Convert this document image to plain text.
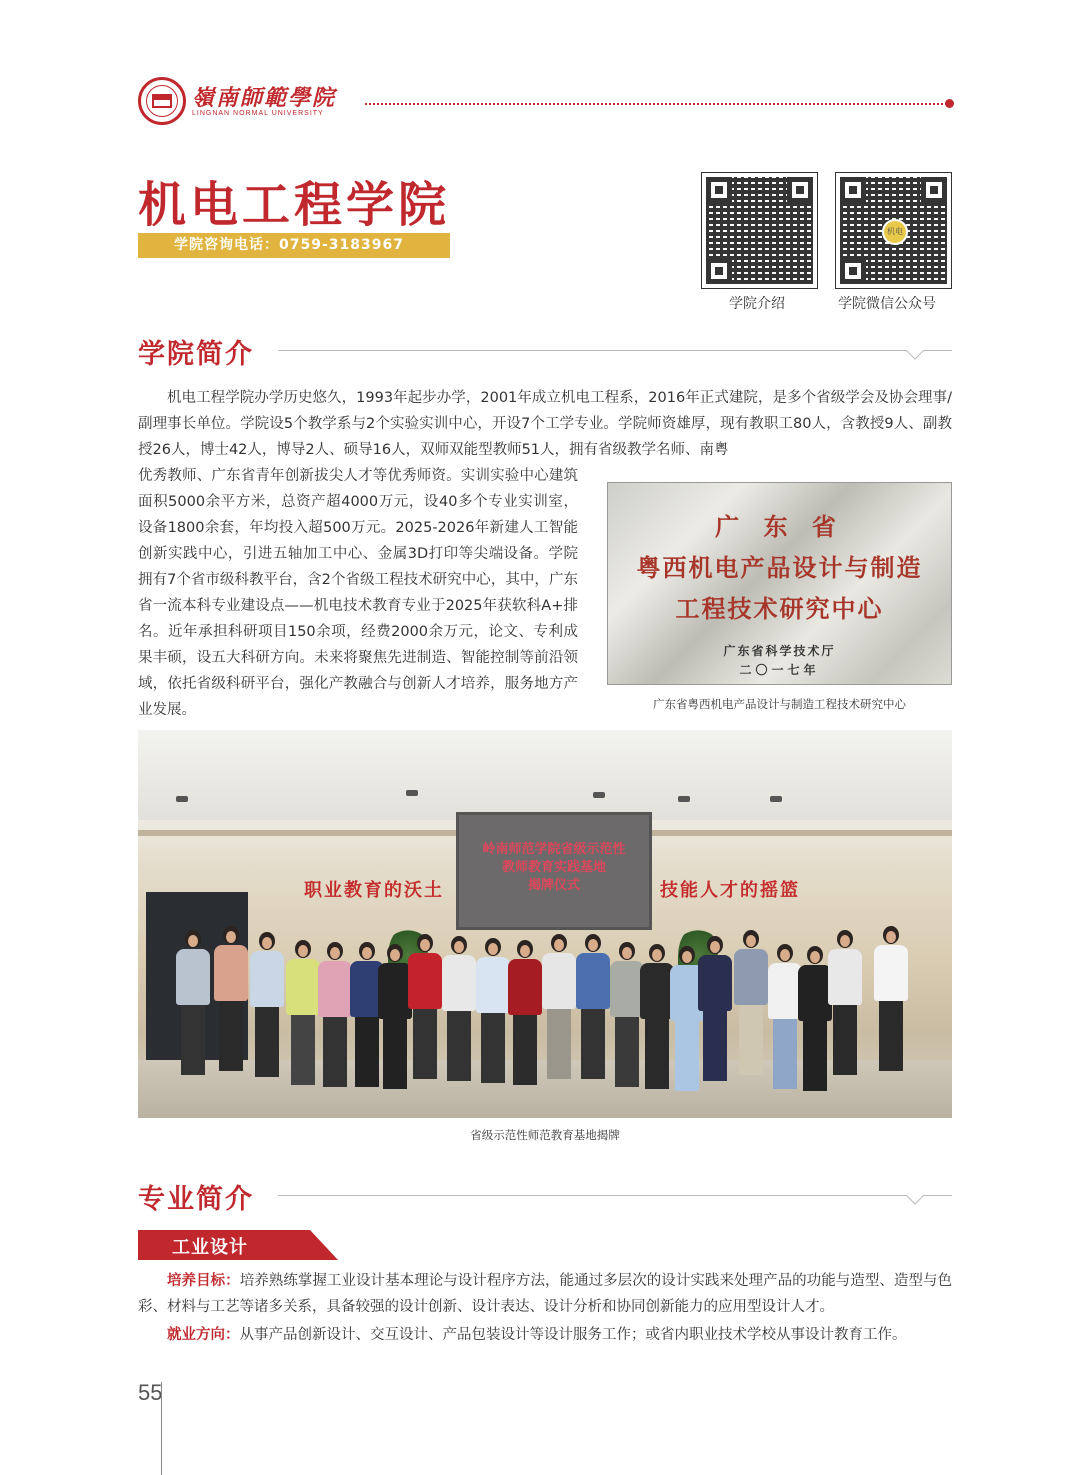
嶺南師範學院
LINGNAN NORMAL UNIVERSITY
机电工程学院
学院咨询电话：0759-3183967
学院介绍
机电
学院微信公众号
学院简介
机电工程学院办学历史悠久，1993年起步办学，2001年成立机电工程系，2016年正式建院，是多个省级学会及协会理事/副理事长单位。学院设5个教学系与2个实验实训中心，开设7个工学专业。学院师资雄厚，现有教职工80人，含教授9人、副教授26人，博士42人，博导2人、硕导16人，双师双能型教师51人，拥有省级教学名师、南粤
优秀教师、广东省青年创新拔尖人才等优秀师资。实训实验中心建筑面积5000余平方米，总资产超4000万元，设40多个专业实训室，设备1800余套，年均投入超500万元。2025-2026年新建人工智能创新实践中心，引进五轴加工中心、金属3D打印等尖端设备。学院拥有7个省市级科教平台，含2个省级工程技术研究中心，其中，广东省一流本科专业建设点——机电技术教育专业于2025年获软科A+排名。近年承担科研项目150余项，经费2000余万元，论文、专利成果丰硕，设五大科研方向。未来将聚焦先进制造、智能控制等前沿领域，依托省级科研平台，强化产教融合与创新人才培养，服务地方产业发展。
广 东 省
粤西机电产品设计与制造
工程技术研究中心
广东省科学技术厅
二〇一七年
广东省粤西机电产品设计与制造工程技术研究中心
岭南师范学院省级示范性
教师教育实践基地
揭牌仪式
职业教育的沃土	技能人才的摇篮
省级示范性师范教育基地揭牌
专业简介
工业设计
培养目标：培养熟练掌握工业设计基本理论与设计程序方法，能通过多层次的设计实践来处理产品的功能与造型、造型与色彩、材料与工艺等诸多关系，具备较强的设计创新、设计表达、设计分析和协同创新能力的应用型设计人才。
就业方向：从事产品创新设计、交互设计、产品包装设计等设计服务工作；或省内职业技术学校从事设计教育工作。
55
